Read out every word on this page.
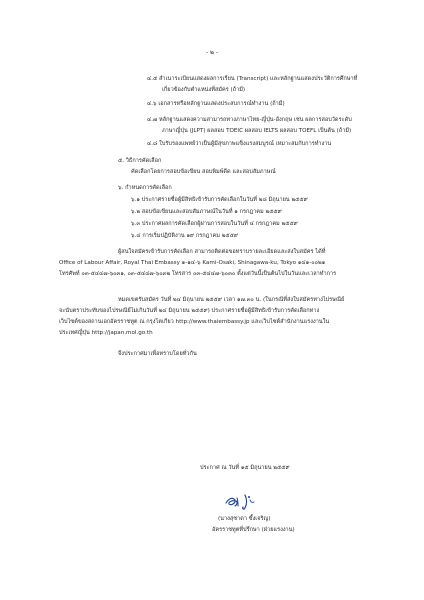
- ๒ -
๔.๕ สำเนาระเบียนแสดงผลการเรียน (Transcript) และหลักฐานแสดงประวัติการศึกษาที่
เกี่ยวข้องกับตำแหน่งที่สมัคร (ถ้ามี)
๔.๖ เอกสารหรือหลักฐานแสดงประสบการณ์ทำงาน (ถ้ามี)
๔.๗ หลักฐานแสดงความสามารถทางภาษาไทย-ญี่ปุ่น-อังกฤษ เช่น ผลการสอบวัดระดับ
ภาษาญี่ปุ่น (JLPT) ผลสอบ TOEIC ผลสอบ IELTS ผลสอบ TOEFL เป็นต้น (ถ้ามี)
๔.๘ ใบรับรองแพทย์ว่าเป็นผู้มีสุขภาพแข็งแรงสมบูรณ์ เหมาะสมกับการทำงาน
๕. วิธีการคัดเลือก
คัดเลือกโดยการสอบข้อเขียน สอบพิมพ์ดีด และสอบสัมภาษณ์
๖. กำหนดการคัดเลือก
๖.๑ ประกาศรายชื่อผู้มีสิทธิเข้ารับการคัดเลือกในวันที่ ๒๘ มิถุนายน ๒๕๕๙
๖.๒ สอบข้อเขียนและสอบสัมภาษณ์ในวันที่ ๑ กรกฎาคม ๒๕๕๙
๖.๓ ประกาศผลการคัดเลือกผู้ผ่านการสอบในวันที่ ๔ กรกฎาคม ๒๕๕๙
๖.๔ การเริ่มปฏิบัติงาน ๑๙ กรกฎาคม ๒๕๕๙
ผู้สนใจสมัครเข้ารับการคัดเลือก สามารถติดต่อขอทราบรายละเอียดและส่งใบสมัคร ได้ที่
Office of Labour Affair, Royal Thai Embassy ๑-๑๔-๖ Kami-Osaki, Shinagawa-ku, Tokyo ๑๔๑-๐๐๒๑
โทรศัพท์ ๐๓-๕๔๔๗-๖๐๓๑, ๐๓-๕๔๔๗-๖๐๓๒ โทรสาร ๐๓-๕๔๔๗-๖๐๓๐ ตั้งแต่วันนี้เป็นต้นไปในวันและเวลาทำการ
หมดเขตรับสมัคร วันที่ ๒๔ มิถุนายน ๒๕๕๙ เวลา ๑๗.๓๐ น. (ในกรณีที่ส่งใบสมัครทางไปรษณีย์
จะนับตราประทับของไปรษณีย์ไม่เกินวันที่ ๒๔ มิถุนายน ๒๕๕๙) ประกาศรายชื่อผู้มีสิทธิเข้ารับการคัดเลือกทาง
เว็บไซต์ของสถานเอกอัครราชทูต ณ กรุงโตเกียว http://www.thaiembassy.jp และเว็บไซต์สำนักงานแรงงานใน
ประเทศญี่ปุ่น http://japan.mol.go.th
จึงประกาศมาเพื่อทราบโดยทั่วกัน
ประกาศ ณ วันที่ ๑๕ มิถุนายน ๒๕๕๙
(นางสุชาดา ซึ้งเจริญ)
อัครราชทูตที่ปรึกษา (ฝ่ายแรงงาน)
